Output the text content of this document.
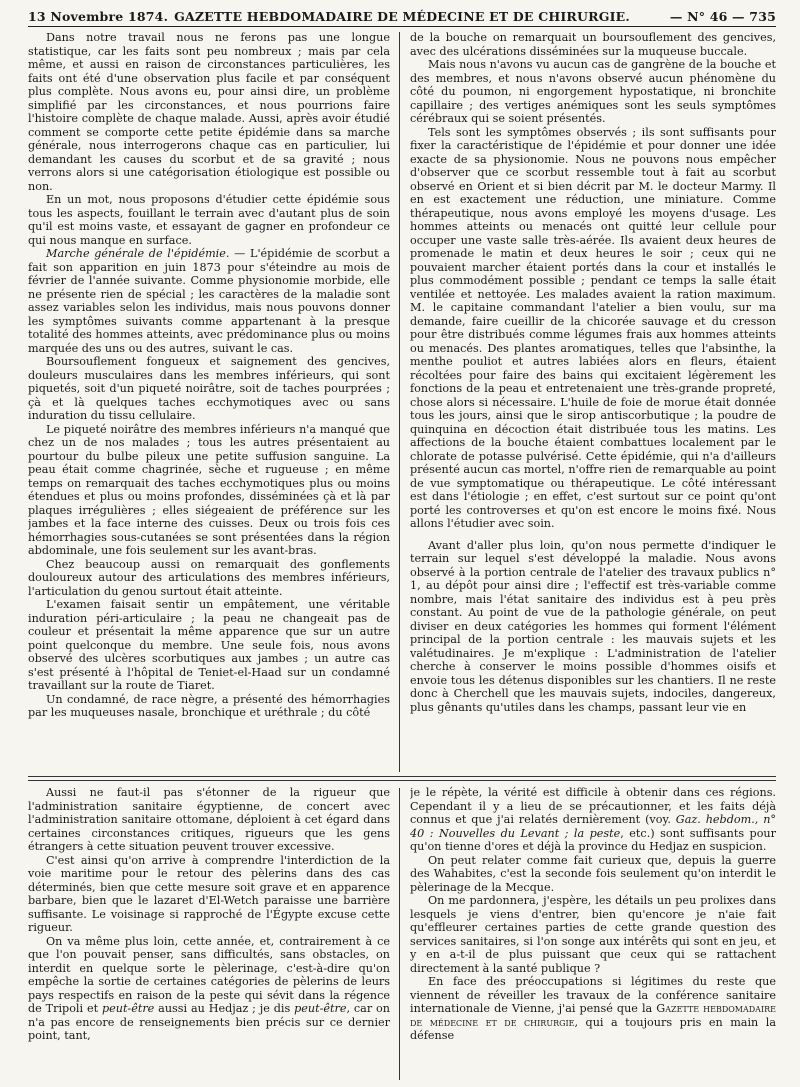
13 Novembre 1874. GAZETTE HEBDOMADAIRE DE MÉDECINE ET DE CHIRURGIE.	— N° 46 — 735

Dans notre travail nous ne ferons pas une longue statistique, car les faits sont peu nombreux ; mais par cela même, et aussi en raison de circonstances particulières, les faits ont été d'une observation plus facile et par conséquent plus complète. Nous avons eu, pour ainsi dire, un problème simplifié par les circonstances, et nous pourrions faire l'histoire complète de chaque malade. Aussi, après avoir étudié comment se comporte cette petite épidémie dans sa marche générale, nous interrogerons chaque cas en particulier, lui demandant les causes du scorbut et de sa gravité ; nous verrons alors si une catégorisation étiologique est possible ou non.

En un mot, nous proposons d'étudier cette épidémie sous tous les aspects, fouillant le terrain avec d'autant plus de soin qu'il est moins vaste, et essayant de gagner en profondeur ce qui nous manque en surface.

Marche générale de l'épidémie. — L'épidémie de scorbut a fait son apparition en juin 1873 pour s'éteindre au mois de février de l'année suivante. Comme physionomie morbide, elle ne présente rien de spécial ; les caractères de la maladie sont assez variables selon les individus, mais nous pouvons donner les symptômes suivants comme appartenant à la presque totalité des hommes atteints, avec prédominance plus ou moins marquée des uns ou des autres, suivant le cas.

Boursouflement fongueux et saignement des gencives, douleurs musculaires dans les membres inférieurs, qui sont piquetés, soit d'un piqueté noirâtre, soit de taches pourprées ; çà et là quelques taches ecchymotiques avec ou sans induration du tissu cellulaire.

Le piqueté noirâtre des membres inférieurs n'a manqué que chez un de nos malades ; tous les autres présentaient au pourtour du bulbe pileux une petite suffusion sanguine. La peau était comme chagrinée, sèche et rugueuse ; en même temps on remarquait des taches ecchymotiques plus ou moins étendues et plus ou moins profondes, disséminées çà et là par plaques irrégulières ; elles siégeaient de préférence sur les jambes et la face interne des cuisses. Deux ou trois fois ces hémorrhagies sous-cutanées se sont présentées dans la région abdominale, une fois seulement sur les avant-bras.

Chez beaucoup aussi on remarquait des gonflements douloureux autour des articulations des membres inférieurs, l'articulation du genou surtout était atteinte.

L'examen faisait sentir un empâtement, une véritable induration péri-articulaire ; la peau ne changeait pas de couleur et présentait la même apparence que sur un autre point quelconque du membre. Une seule fois, nous avons observé des ulcères scorbutiques aux jambes ; un autre cas s'est présenté à l'hôpital de Teniet-el-Haad sur un condamné travaillant sur la route de Tiaret.

Un condamné, de race nègre, a présenté des hémorrhagies par les muqueuses nasale, bronchique et uréthrale ; du côté

de la bouche on remarquait un boursouflement des gencives, avec des ulcérations disséminées sur la muqueuse buccale.

Mais nous n'avons vu aucun cas de gangrène de la bouche et des membres, et nous n'avons observé aucun phénomène du côté du poumon, ni engorgement hypostatique, ni bronchite capillaire ; des vertiges anémiques sont les seuls symptômes cérébraux qui se soient présentés.

Tels sont les symptômes observés ; ils sont suffisants pour fixer la caractéristique de l'épidémie et pour donner une idée exacte de sa physionomie. Nous ne pouvons nous empêcher d'observer que ce scorbut ressemble tout à fait au scorbut observé en Orient et si bien décrit par M. le docteur Marmy. Il en est exactement une réduction, une miniature. Comme thérapeutique, nous avons employé les moyens d'usage. Les hommes atteints ou menacés ont quitté leur cellule pour occuper une vaste salle très-aérée. Ils avaient deux heures de promenade le matin et deux heures le soir ; ceux qui ne pouvaient marcher étaient portés dans la cour et installés le plus commodément possible ; pendant ce temps la salle était ventilée et nettoyée. Les malades avaient la ration maximum. M. le capitaine commandant l'atelier a bien voulu, sur ma demande, faire cueillir de la chicorée sauvage et du cresson pour être distribués comme légumes frais aux hommes atteints ou menacés. Des plantes aromatiques, telles que l'absinthe, la menthe pouliot et autres labiées alors en fleurs, étaient récoltées pour faire des bains qui excitaient légèrement les fonctions de la peau et entretenaient une très-grande propreté, chose alors si nécessaire. L'huile de foie de morue était donnée tous les jours, ainsi que le sirop antiscorbutique ; la poudre de quinquina en décoction était distribuée tous les matins. Les affections de la bouche étaient combattues localement par le chlorate de potasse pulvérisé. Cette épidémie, qui n'a d'ailleurs présenté aucun cas mortel, n'offre rien de remarquable au point de vue symptomatique ou thérapeutique. Le côté intéressant est dans l'étiologie ; en effet, c'est surtout sur ce point qu'ont porté les controverses et qu'on est encore le moins fixé. Nous allons l'étudier avec soin.

Avant d'aller plus loin, qu'on nous permette d'indiquer le terrain sur lequel s'est développé la maladie. Nous avons observé à la portion centrale de l'atelier des travaux publics n° 1, au dépôt pour ainsi dire ; l'effectif est très-variable comme nombre, mais l'état sanitaire des individus est à peu près constant. Au point de vue de la pathologie générale, on peut diviser en deux catégories les hommes qui forment l'élément principal de la portion centrale : les mauvais sujets et les valétudinaires. Je m'explique : L'administration de l'atelier cherche à conserver le moins possible d'hommes oisifs et envoie tous les détenus disponibles sur les chantiers. Il ne reste donc à Cherchell que les mauvais sujets, indociles, dangereux, plus gênants qu'utiles dans les champs, passant leur vie en

Aussi ne faut-il pas s'étonner de la rigueur que l'administration sanitaire égyptienne, de concert avec l'administration sanitaire ottomane, déploient à cet égard dans certaines circonstances critiques, rigueurs que les gens étrangers à cette situation peuvent trouver excessive.

C'est ainsi qu'on arrive à comprendre l'interdiction de la voie maritime pour le retour des pèlerins dans des cas déterminés, bien que cette mesure soit grave et en apparence barbare, bien que le lazaret d'El-Wetch paraisse une barrière suffisante. Le voisinage si rapproché de l'Égypte excuse cette rigueur.

On va même plus loin, cette année, et, contrairement à ce que l'on pouvait penser, sans difficultés, sans obstacles, on interdit en quelque sorte le pèlerinage, c'est-à-dire qu'on empêche la sortie de certaines catégories de pèlerins de leurs pays respectifs en raison de la peste qui sévit dans la régence de Tripoli et peut-être aussi au Hedjaz ; je dis peut-être, car on n'a pas encore de renseignements bien précis sur ce dernier point, tant,

je le répète, la vérité est difficile à obtenir dans ces régions. Cependant il y a lieu de se précautionner, et les faits déjà connus et que j'ai relatés dernièrement (voy. Gaz. hebdom., n° 40 : Nouvelles du Levant ; la peste, etc.) sont suffisants pour qu'on tienne d'ores et déjà la province du Hedjaz en suspicion.

On peut relater comme fait curieux que, depuis la guerre des Wahabites, c'est la seconde fois seulement qu'on interdit le pèlerinage de la Mecque.

On me pardonnera, j'espère, les détails un peu prolixes dans lesquels je viens d'entrer, bien qu'encore je n'aie fait qu'effleurer certaines parties de cette grande question des services sanitaires, si l'on songe aux intérêts qui sont en jeu, et y en a-t-il de plus puissant que ceux qui se rattachent directement à la santé publique ?

En face des préoccupations si légitimes du reste que viennent de réveiller les travaux de la conférence sanitaire internationale de Vienne, j'ai pensé que la Gazette hebdomadaire de médecine et de chirurgie, qui a toujours pris en main la défense
